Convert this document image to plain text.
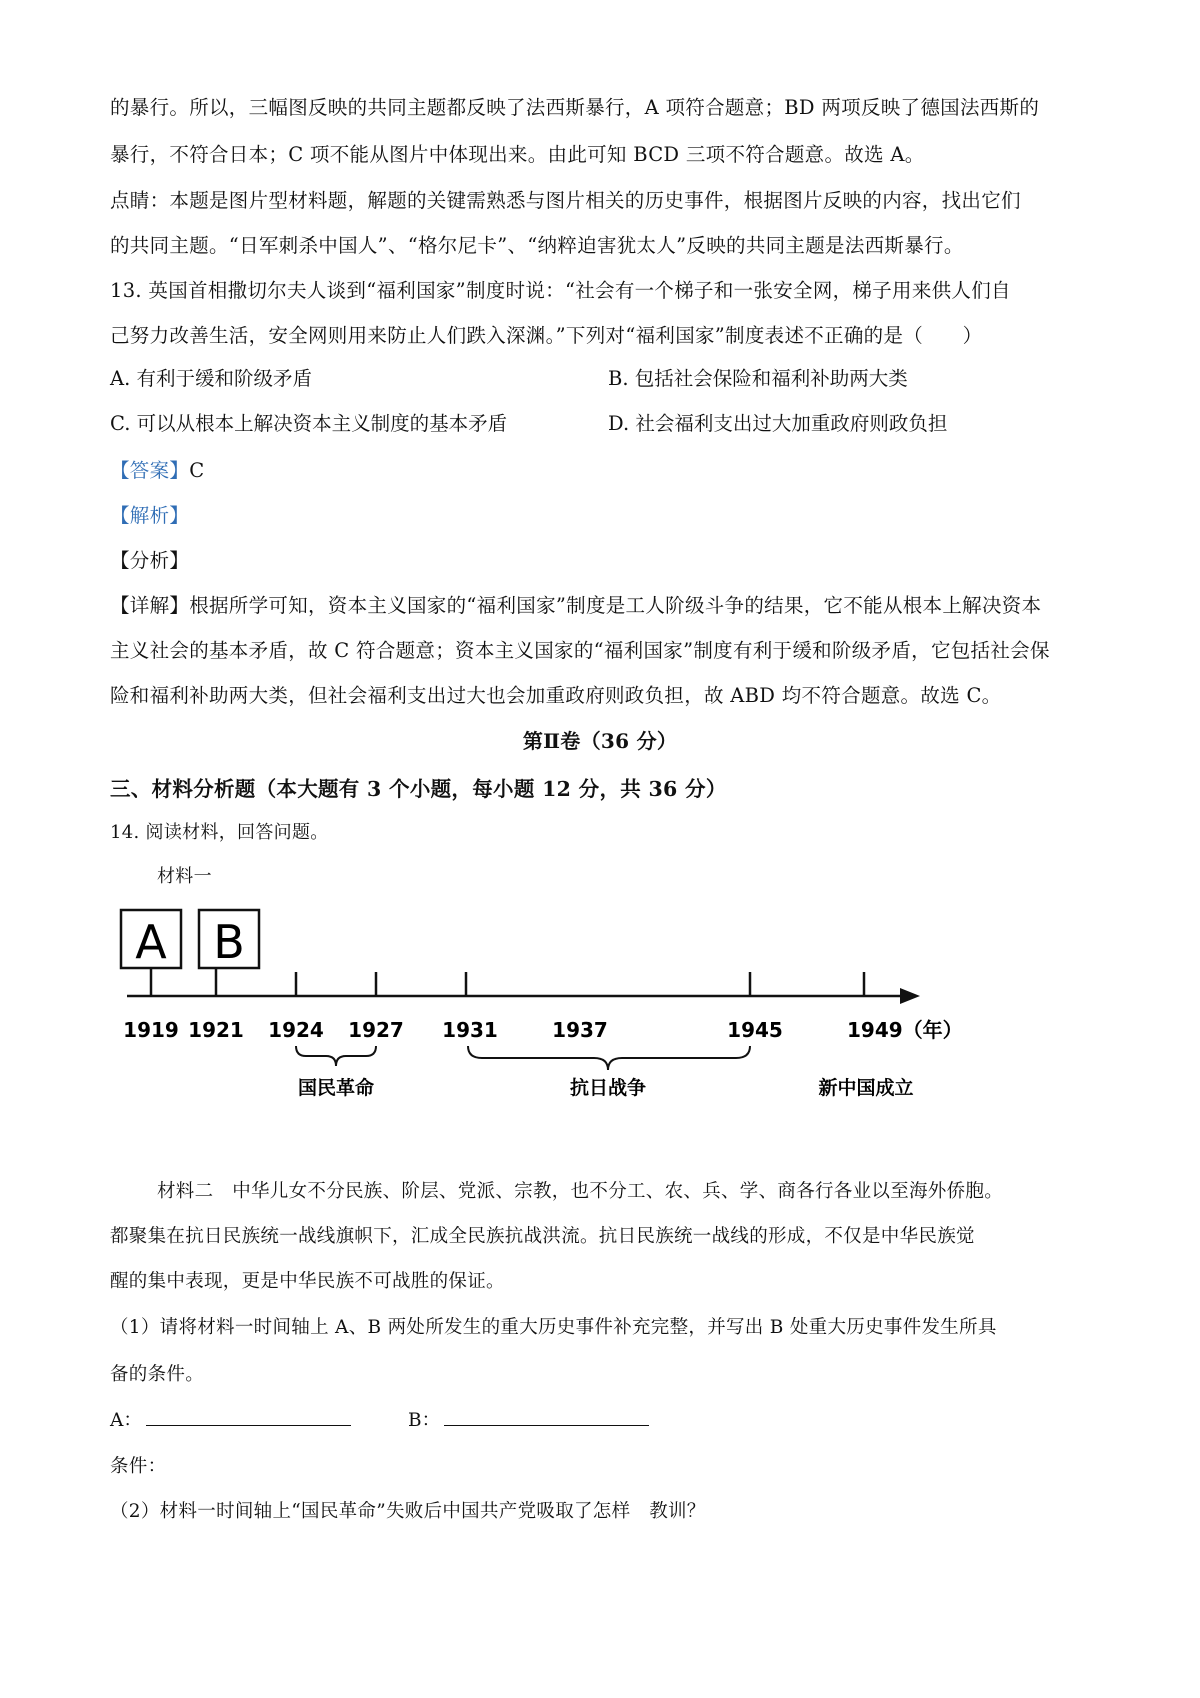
的暴行。所以，三幅图反映的共同主题都反映了法西斯暴行，A 项符合题意；BD 两项反映了德国法西斯的
暴行，不符合日本；C 项不能从图片中体现出来。由此可知 BCD 三项不符合题意。故选 A。
点睛：本题是图片型材料题，解题的关键需熟悉与图片相关的历史事件，根据图片反映的内容，找出它们
的共同主题。“日军刺杀中国人”、“格尔尼卡”、“纳粹迫害犹太人”反映的共同主题是法西斯暴行。
13. 英国首相撒切尔夫人谈到“福利国家”制度时说：“社会有一个梯子和一张安全网，梯子用来供人们自
己努力改善生活，安全网则用来防止人们跌入深渊。”下列对“福利国家”制度表述不正确的是（　　）
A. 有利于缓和阶级矛盾	B. 包括社会保险和福利补助两大类
C. 可以从根本上解决资本主义制度的基本矛盾	D. 社会福利支出过大加重政府则政负担
【答案】C
【解析】
【分析】
【详解】根据所学可知，资本主义国家的“福利国家”制度是工人阶级斗争的结果，它不能从根本上解决资本
主义社会的基本矛盾，故 C 符合题意；资本主义国家的“福利国家”制度有利于缓和阶级矛盾，它包括社会保
险和福利补助两大类，但社会福利支出过大也会加重政府则政负担，故 ABD 均不符合题意。故选 C。
第Ⅱ卷（36 分）
三、材料分析题（本大题有 3 个小题，每小题 12 分，共 36 分）
14. 阅读材料，回答问题。
材料一
A B
1919 1921 1924 1927 1931	1937	1945	1949（年）
国民革命	抗日战争	新中国成立
材料二　中华儿女不分民族、阶层、党派、宗教，也不分工、农、兵、学、商各行各业以至海外侨胞。
都聚集在抗日民族统一战线旗帜下，汇成全民族抗战洪流。抗日民族统一战线的形成，不仅是中华民族觉
醒的集中表现，更是中华民族不可战胜的保证。
（1）请将材料一时间轴上 A、B 两处所发生的重大历史事件补充完整，并写出 B 处重大历史事件发生所具
备的条件。
A：	B：
条件：
（2）材料一时间轴上“国民革命”失败后中国共产党吸取了怎样　教训？
